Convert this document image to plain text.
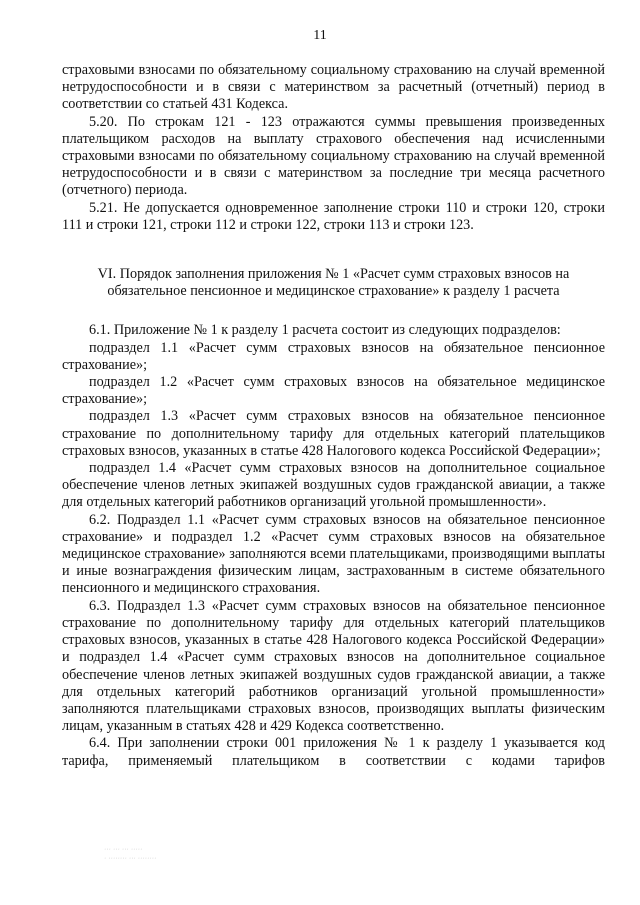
11

страховыми взносами по обязательному социальному страхованию на случай временной нетрудоспособности и в связи с материнством за расчетный (отчетный) период в соответствии со статьей 431 Кодекса.

5.20. По строкам 121 - 123 отражаются суммы превышения произведенных плательщиком расходов на выплату страхового обеспечения над исчисленными страховыми взносами по обязательному социальному страхованию на случай временной нетрудоспособности и в связи с материнством за последние три месяца расчетного (отчетного) периода.

5.21. Не допускается одновременное заполнение строки 110 и строки 120, строки 111 и строки 121, строки 112 и строки 122, строки 113 и строки 123.

VI. Порядок заполнения приложения № 1 «Расчет сумм страховых взносов на
обязательное пенсионное и медицинское страхование» к разделу 1 расчета

6.1. Приложение № 1 к разделу 1 расчета состоит из следующих подразделов:

подраздел 1.1 «Расчет сумм страховых взносов на обязательное пенсионное страхование»;

подраздел 1.2 «Расчет сумм страховых взносов на обязательное медицинское страхование»;

подраздел 1.3 «Расчет сумм страховых взносов на обязательное пенсионное страхование по дополнительному тарифу для отдельных категорий плательщиков страховых взносов, указанных в статье 428 Налогового кодекса Российской Федерации»;

подраздел 1.4 «Расчет сумм страховых взносов на дополнительное социальное обеспечение членов летных экипажей воздушных судов гражданской авиации, а также для отдельных категорий работников организаций угольной промышленности».

6.2. Подраздел 1.1 «Расчет сумм страховых взносов на обязательное пенсионное страхование» и подраздел 1.2 «Расчет сумм страховых взносов на обязательное медицинское страхование» заполняются всеми плательщиками, производящими выплаты и иные вознаграждения физическим лицам, застрахованным в системе обязательного пенсионного и медицинского страхования.

6.3. Подраздел 1.3 «Расчет сумм страховых взносов на обязательное пенсионное страхование по дополнительному тарифу для отдельных категорий плательщиков страховых взносов, указанных в статье 428 Налогового кодекса Российской Федерации» и подраздел 1.4 «Расчет сумм страховых взносов на дополнительное социальное обеспечение членов летных экипажей воздушных судов гражданской авиации, а также для отдельных категорий работников организаций угольной промышленности» заполняются плательщиками страховых взносов, производящих выплаты физическим лицам, указанным в статьях 428 и 429 Кодекса соответственно.

6.4. При заполнении строки 001 приложения № 1 к разделу 1 указывается код тарифа, применяемый плательщиком в соответствии с кодами тарифов

··· ··· ··· ·····
· ········ ··· ········
